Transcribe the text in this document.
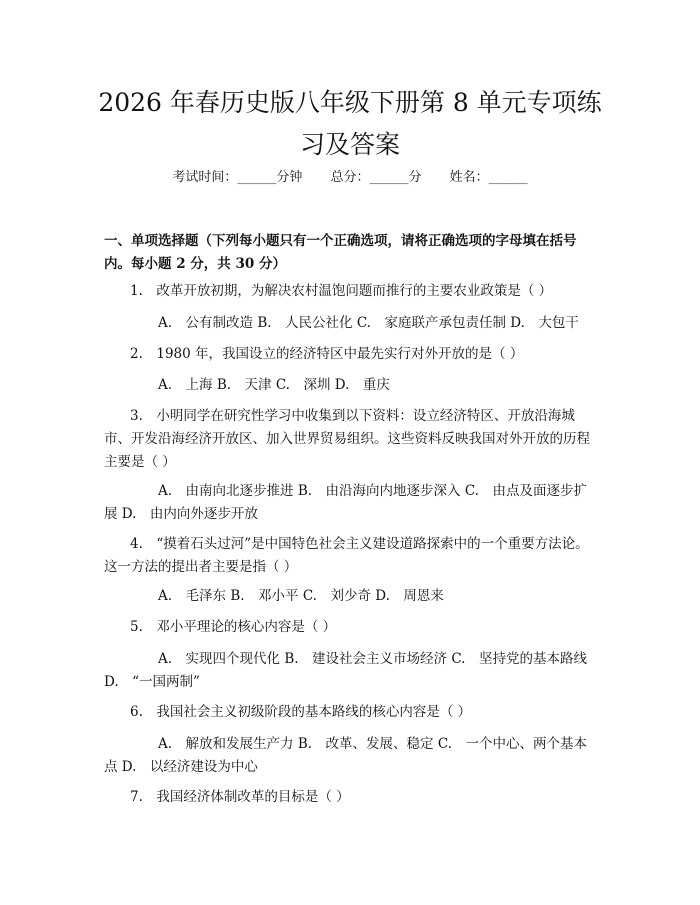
2026 年春历史版八年级下册第 8 单元专项练
习及答案
考试时间：______分钟 总分：______分 姓名：______

一、单项选择题（下列每小题只有一个正确选项，请将正确选项的字母填在括号内。每小题 2 分，共 30 分）

1.　改革开放初期，为解决农村温饱问题而推行的主要农业政策是（ ）
A.　公有制改造 B.　人民公社化 C.　家庭联产承包责任制 D.　大包干
2.　1980 年，我国设立的经济特区中最先实行对外开放的是（ ）
A.　上海 B.　天津 C.　深圳 D.　重庆
3.　小明同学在研究性学习中收集到以下资料：设立经济特区、开放沿海城市、开发沿海经济开放区、加入世界贸易组织。这些资料反映我国对外开放的历程主要是（ ）
A.　由南向北逐步推进 B.　由沿海向内地逐步深入 C.　由点及面逐步扩展 D.　由内向外逐步开放
4.　“摸着石头过河”是中国特色社会主义建设道路探索中的一个重要方法论。这一方法的提出者主要是指（ ）
A.　毛泽东 B.　邓小平 C.　刘少奇 D.　周恩来
5.　邓小平理论的核心内容是（ ）
A.　实现四个现代化 B.　建设社会主义市场经济 C.　坚持党的基本路线 D.　“一国两制”
6.　我国社会主义初级阶段的基本路线的核心内容是（ ）
A.　解放和发展生产力 B.　改革、发展、稳定 C.　一个中心、两个基本点 D.　以经济建设为中心
7.　我国经济体制改革的目标是（ ）
